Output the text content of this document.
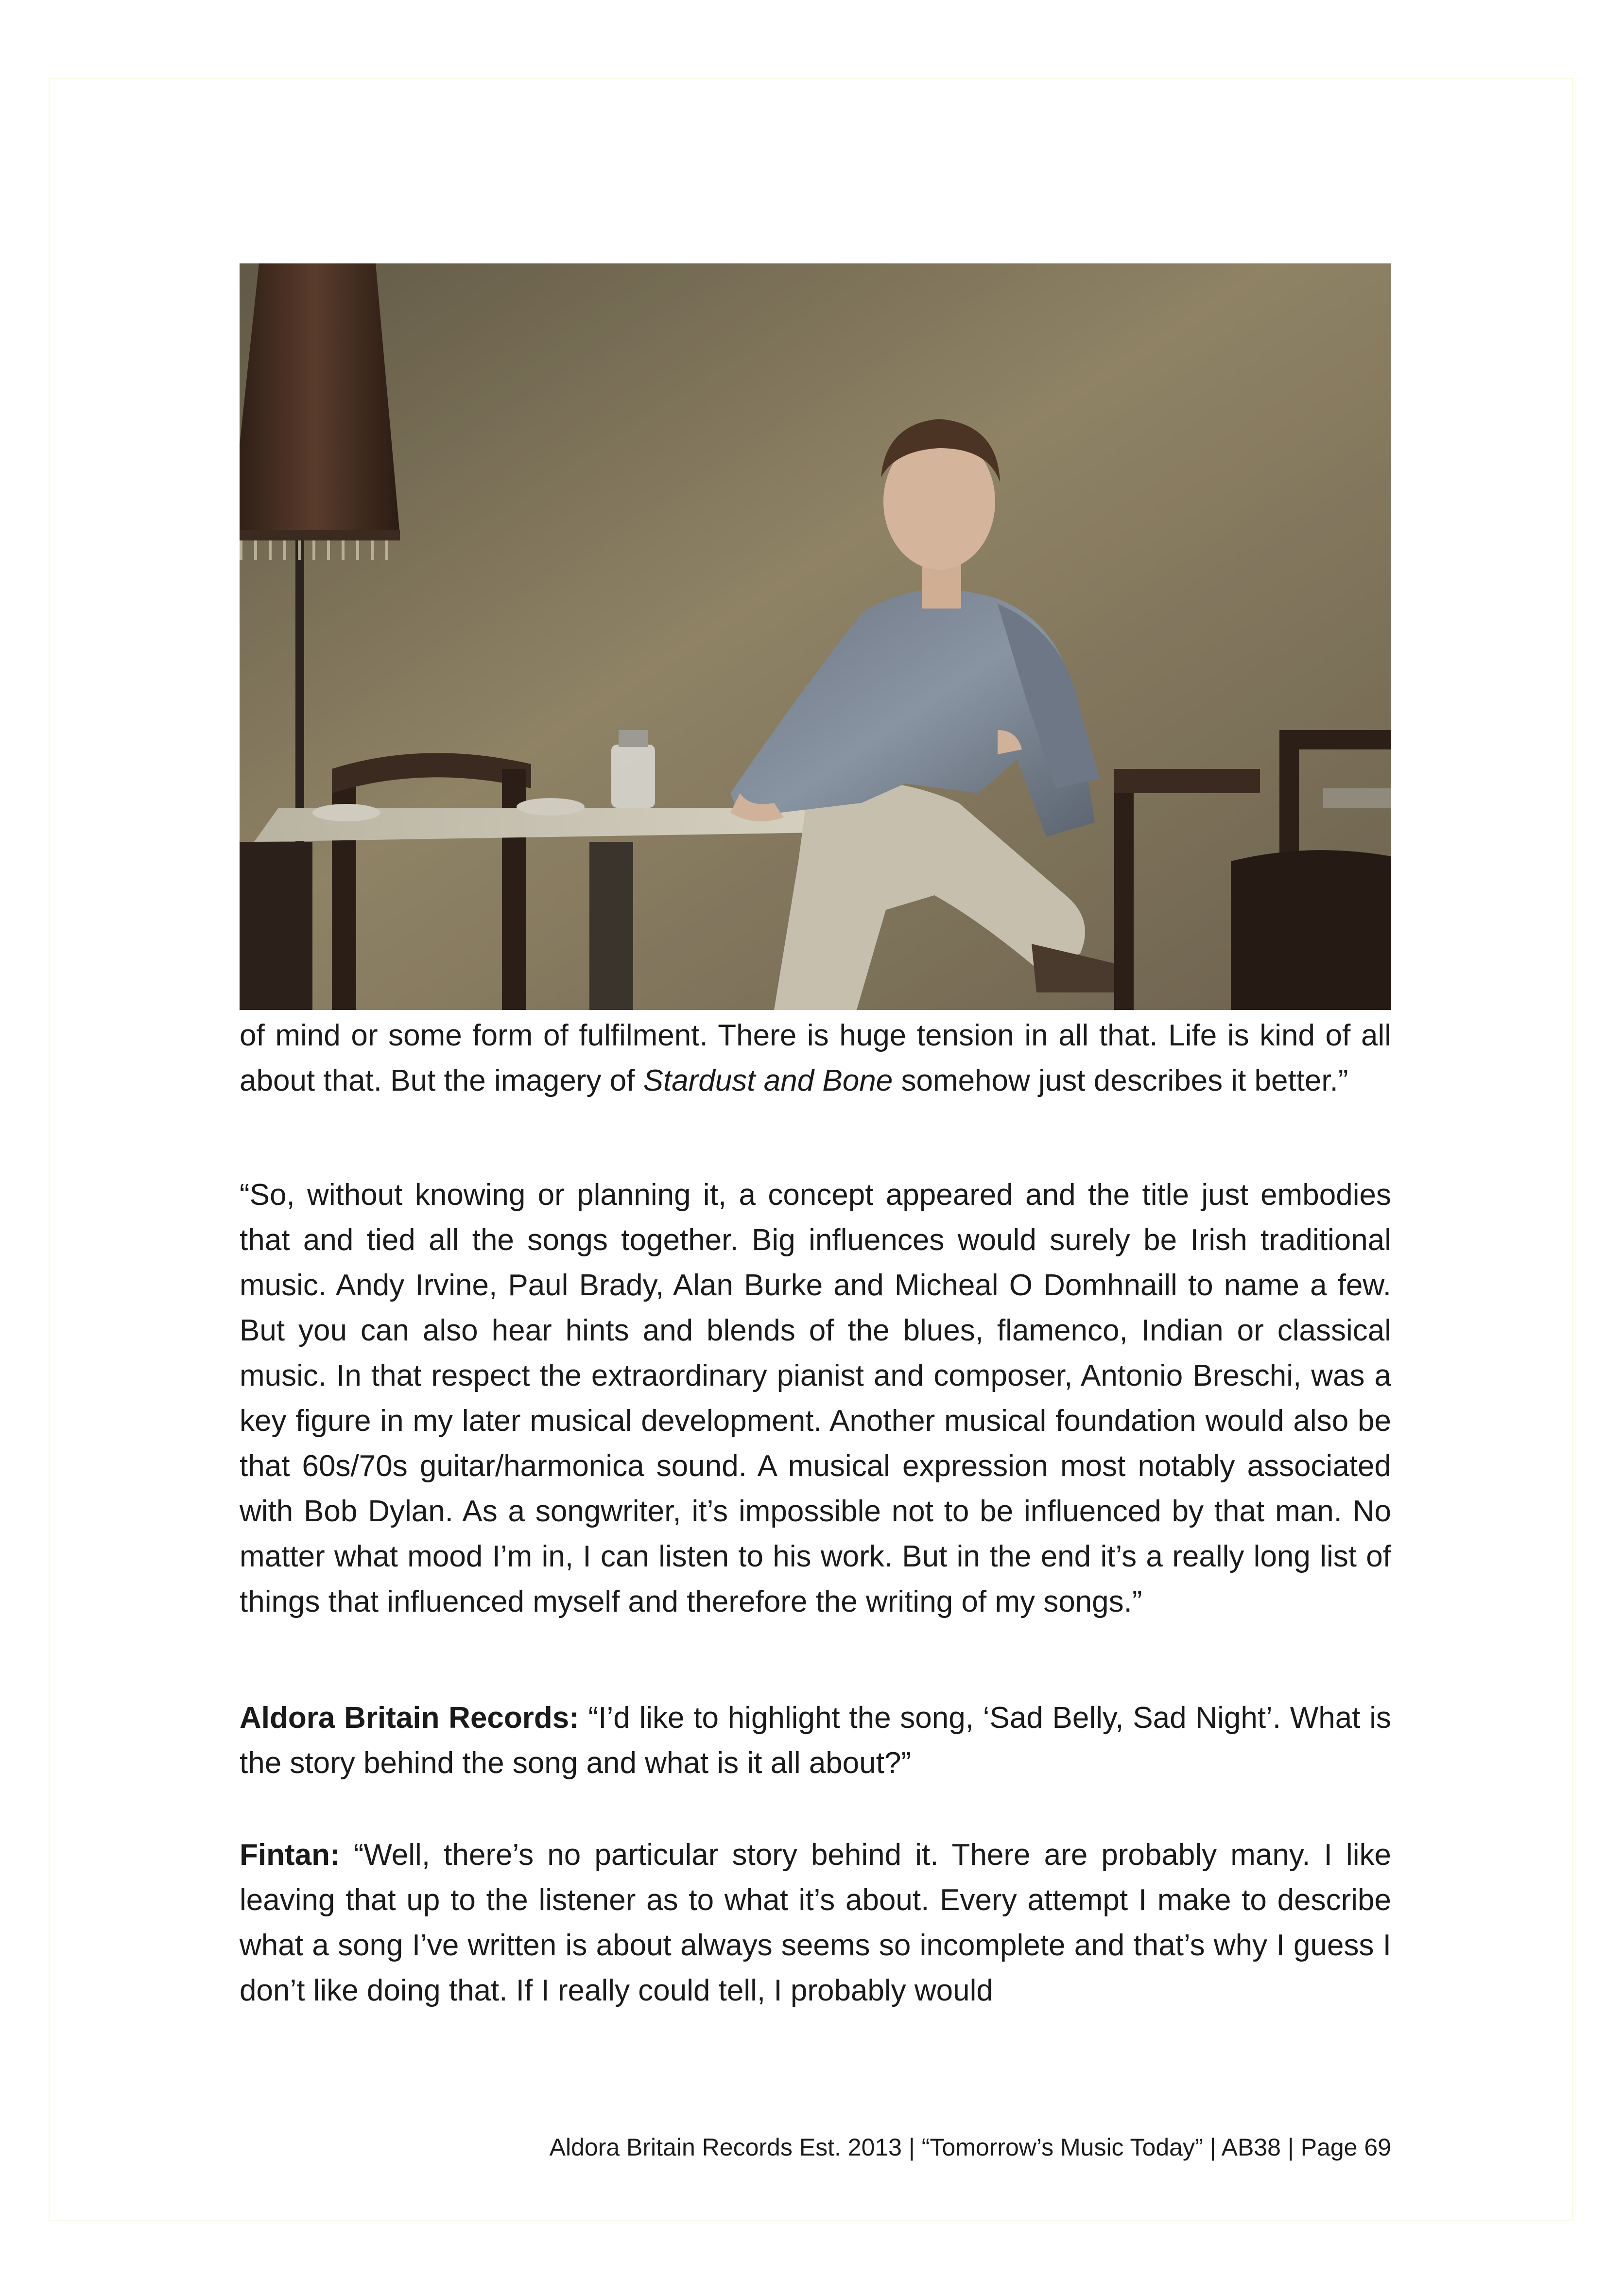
of mind or some form of fulfilment. There is huge tension in all that. Life is kind of all about that. But the imagery of Stardust and Bone somehow just describes it better.”

“So, without knowing or planning it, a concept appeared and the title just embodies that and tied all the songs together. Big influences would surely be Irish traditional music. Andy Irvine, Paul Brady, Alan Burke and Micheal O Domhnaill to name a few. But you can also hear hints and blends of the blues, flamenco, Indian or classical music. In that respect the extraordinary pianist and composer, Antonio Breschi, was a key figure in my later musical development. Another musical foundation would also be that 60s/70s guitar/harmonica sound. A musical expression most notably associated with Bob Dylan. As a songwriter, it’s impossible not to be influenced by that man. No matter what mood I’m in, I can listen to his work. But in the end it’s a really long list of things that influenced myself and therefore the writing of my songs.”

Aldora Britain Records: “I’d like to highlight the song, ‘Sad Belly, Sad Night’. What is the story behind the song and what is it all about?”

Fintan: “Well, there’s no particular story behind it. There are probably many. I like leaving that up to the listener as to what it’s about. Every attempt I make to describe what a song I’ve written is about always seems so incomplete and that’s why I guess I don’t like doing that. If I really could tell, I probably would

Aldora Britain Records Est. 2013 | “Tomorrow’s Music Today” | AB38 | Page 69
